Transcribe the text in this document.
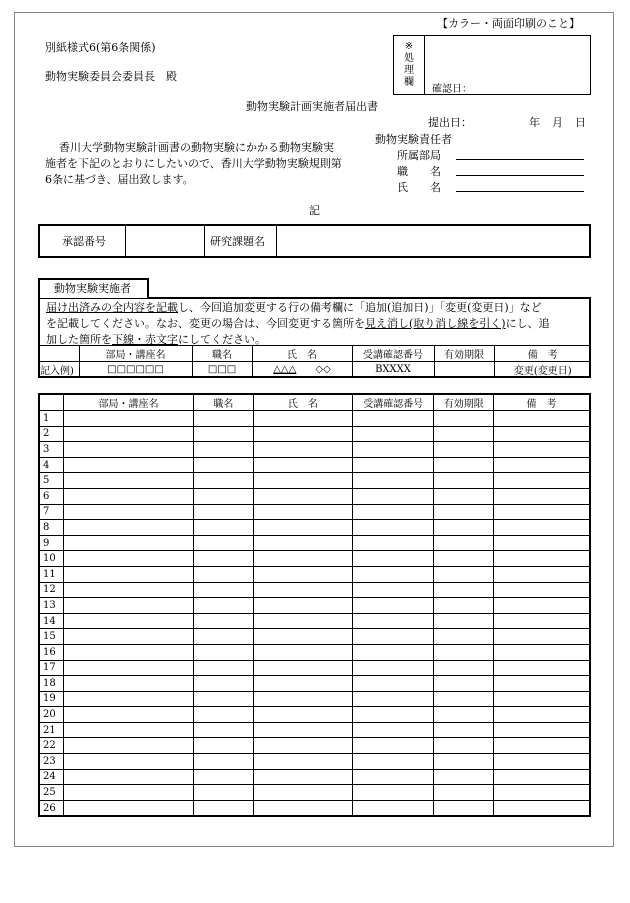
【カラー・両面印刷のこと】
別紙様式6(第6条関係)
動物実験委員会委員長　殿
※
処
理
欄
確認日：
動物実験計画実施者届出書
提出日：	年 月 日
香川大学動物実験計画書の動物実験にかかる動物実験実
施者を下記のとおりにしたいので、香川大学動物実験規則第
6条に基づき、届出致します。
動物実験責任者
所属部局
職　　名
氏　　名
記
承認番号	研究課題名
届け出済みの全内容を記載し、今回追加変更する行の備考欄に「追加(追加日)」「変更(変更日)」など
を記載してください。なお、変更の場合は、今回変更する箇所を見え消し(取り消し線を引く)にし、追
加した箇所を下線・赤文字にしてください。
動物実験実施者
	部局・講座名	職名	氏　名	受講確認番号	有効期限	備　考
記入例)	□□□□□□	□□□	△△△ ◇◇	BXXXX		変更(変更日)
	部局・講座名	職名	氏　名	受講確認番号	有効期限	備　考
1						
2						
3						
4						
5						
6						
7						
8						
9						
10						
11						
12						
13						
14						
15						
16						
17						
18						
19						
20						
21						
22						
23						
24						
25						
26						
